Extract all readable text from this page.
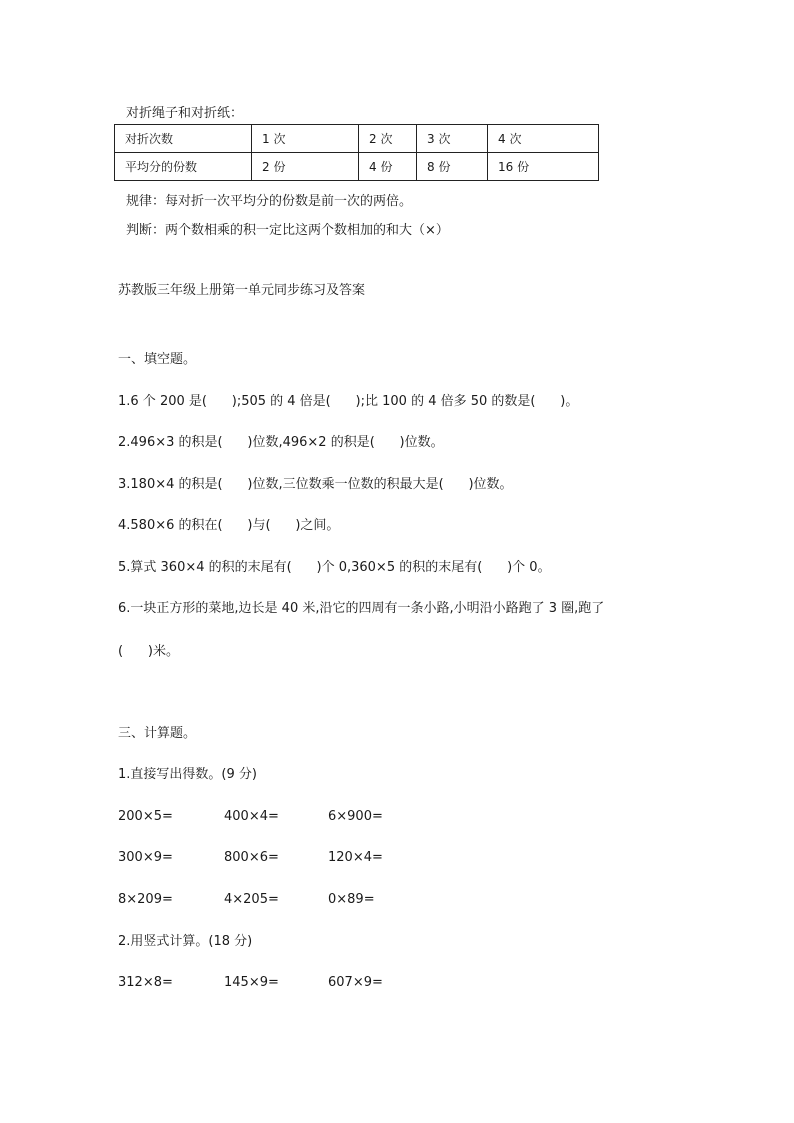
对折绳子和对折纸：
对折次数	1 次	2 次	3 次	4 次
平均分的份数	2 份	4 份	8 份	16 份
规律：每对折一次平均分的份数是前一次的两倍。
判断：两个数相乘的积一定比这两个数相加的和大（×）
苏教版三年级上册第一单元同步练习及答案
一、填空题。
1.6 个 200 是(      );505 的 4 倍是(      );比 100 的 4 倍多 50 的数是(      )。
2.496×3 的积是(      )位数,496×2 的积是(      )位数。
3.180×4 的积是(      )位数,三位数乘一位数的积最大是(      )位数。
4.580×6 的积在(      )与(      )之间。
5.算式 360×4 的积的末尾有(      )个 0,360×5 的积的末尾有(      )个 0。
6.一块正方形的菜地,边长是 40 米,沿它的四周有一条小路,小明沿小路跑了 3 圈,跑了
(      )米。
三、计算题。
1.直接写出得数。(9 分)
200×5=	400×4=	6×900=
300×9=	800×6=	120×4=
8×209=	4×205=	0×89=
2.用竖式计算。(18 分)
312×8=	145×9=	607×9=
